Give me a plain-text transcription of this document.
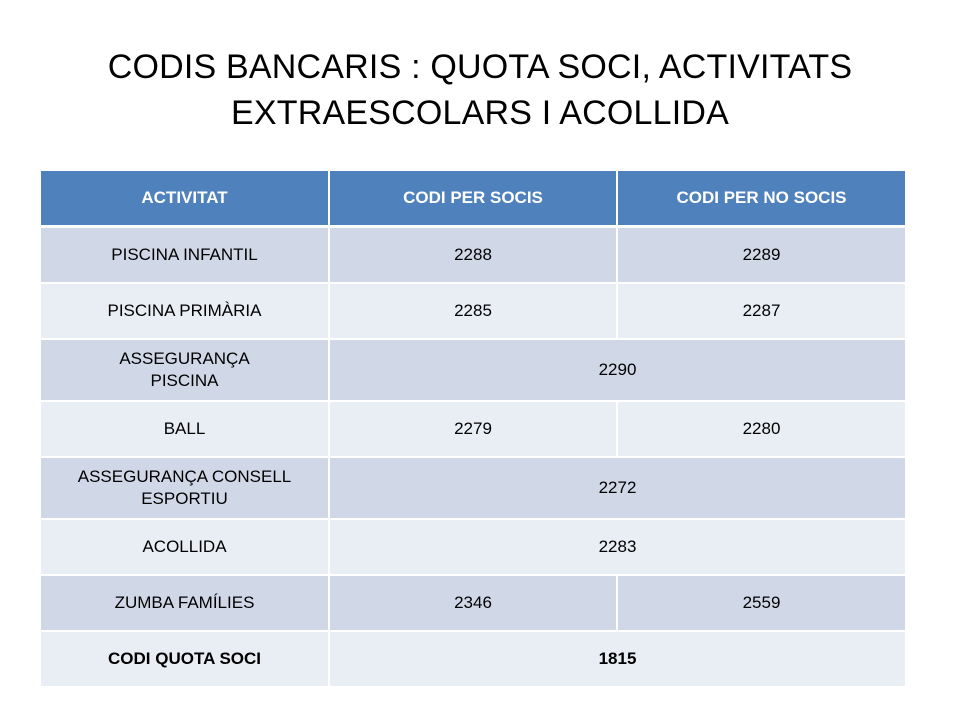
CODIS BANCARIS : QUOTA SOCI, ACTIVITATS
EXTRAESCOLARS I ACOLLIDA
ACTIVITAT	CODI PER SOCIS	CODI PER NO SOCIS
PISCINA INFANTIL	2288	2289
PISCINA PRIMÀRIA	2285	2287
ASSEGURANÇA
PISCINA	2290	
BALL	2279	2280
ASSEGURANÇA CONSELL
ESPORTIU	2272	
ACOLLIDA	2283	
ZUMBA FAMÍLIES	2346	2559
CODI QUOTA SOCI	1815	
